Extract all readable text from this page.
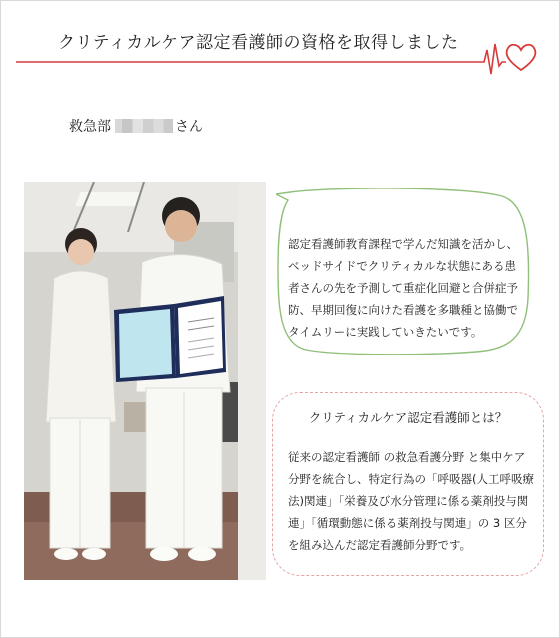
クリティカルケア認定看護師の資格を取得しました
救急部	さん
認定看護師教育課程で学んだ知識を活かし、ベッドサイドでクリティカルな状態にある患者さんの先を予測して重症化回避と合併症予防、早期回復に向けた看護を多職種と協働でタイムリーに実践していきたいです。
クリティカルケア認定看護師とは？
従来の認定看護師 の救急看護分野 と集中ケア分野を統合し、特定行為の「呼吸器(人工呼吸療法)関連」「栄養及び水分管理に係る薬剤投与関連」「循環動態に係る薬剤投与関連」の 3 区分を組み込んだ認定看護師分野です。
